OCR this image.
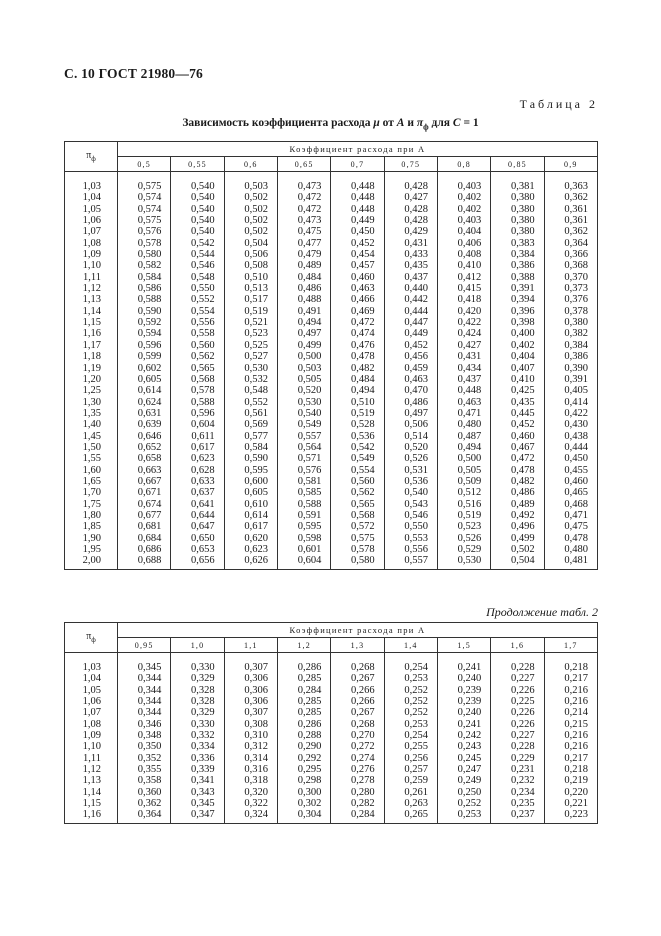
С. 10 ГОСТ 21980—76
Таблица 2
Зависимость коэффициента расхода μ от A и $\pi_ф$ для C = 1
$\pi_ф$	Коэффициент расхода при A								
	0,5	0,55	0,6	0,65	0,7	0,75	0,8	0,85	0,9
1,03	0,575	0,540	0,503	0,473	0,448	0,428	0,403	0,381	0,363
1,04	0,574	0,540	0,502	0,472	0,448	0,427	0,402	0,380	0,362
1,05	0,574	0,540	0,502	0,472	0,448	0,428	0,402	0,380	0,361
1,06	0,575	0,540	0,502	0,473	0,449	0,428	0,403	0,380	0,361
1,07	0,576	0,540	0,502	0,475	0,450	0,429	0,404	0,380	0,362
1,08	0,578	0,542	0,504	0,477	0,452	0,431	0,406	0,383	0,364
1,09	0,580	0,544	0,506	0,479	0,454	0,433	0,408	0,384	0,366
1,10	0,582	0,546	0,508	0,489	0,457	0,435	0,410	0,386	0,368
1,11	0,584	0,548	0,510	0,484	0,460	0,437	0,412	0,388	0,370
1,12	0,586	0,550	0,513	0,486	0,463	0,440	0,415	0,391	0,373
1,13	0,588	0,552	0,517	0,488	0,466	0,442	0,418	0,394	0,376
1,14	0,590	0,554	0,519	0,491	0,469	0,444	0,420	0,396	0,378
1,15	0,592	0,556	0,521	0,494	0,472	0,447	0,422	0,398	0,380
1,16	0,594	0,558	0,523	0,497	0,474	0,449	0,424	0,400	0,382
1,17	0,596	0,560	0,525	0,499	0,476	0,452	0,427	0,402	0,384
1,18	0,599	0,562	0,527	0,500	0,478	0,456	0,431	0,404	0,386
1,19	0,602	0,565	0,530	0,503	0,482	0,459	0,434	0,407	0,390
1,20	0,605	0,568	0,532	0,505	0,484	0,463	0,437	0,410	0,391
1,25	0,614	0,578	0,548	0,520	0,494	0,470	0,448	0,425	0,405
1,30	0,624	0,588	0,552	0,530	0,510	0,486	0,463	0,435	0,414
1,35	0,631	0,596	0,561	0,540	0,519	0,497	0,471	0,445	0,422
1,40	0,639	0,604	0,569	0,549	0,528	0,506	0,480	0,452	0,430
1,45	0,646	0,611	0,577	0,557	0,536	0,514	0,487	0,460	0,438
1,50	0,652	0,617	0,584	0,564	0,542	0,520	0,494	0,467	0,444
1,55	0,658	0,623	0,590	0,571	0,549	0,526	0,500	0,472	0,450
1,60	0,663	0,628	0,595	0,576	0,554	0,531	0,505	0,478	0,455
1,65	0,667	0,633	0,600	0,581	0,560	0,536	0,509	0,482	0,460
1,70	0,671	0,637	0,605	0,585	0,562	0,540	0,512	0,486	0,465
1,75	0,674	0,641	0,610	0,588	0,565	0,543	0,516	0,489	0,468
1,80	0,677	0,644	0,614	0,591	0,568	0,546	0,519	0,492	0,471
1,85	0,681	0,647	0,617	0,595	0,572	0,550	0,523	0,496	0,475
1,90	0,684	0,650	0,620	0,598	0,575	0,553	0,526	0,499	0,478
1,95	0,686	0,653	0,623	0,601	0,578	0,556	0,529	0,502	0,480
2,00	0,688	0,656	0,626	0,604	0,580	0,557	0,530	0,504	0,481
Продолжение табл. 2
$\pi_ф$	Коэффициент расхода при A								
	0,95	1,0	1,1	1,2	1,3	1,4	1,5	1,6	1,7
1,03	0,345	0,330	0,307	0,286	0,268	0,254	0,241	0,228	0,218
1,04	0,344	0,329	0,306	0,285	0,267	0,253	0,240	0,227	0,217
1,05	0,344	0,328	0,306	0,284	0,266	0,252	0,239	0,226	0,216
1,06	0,344	0,328	0,306	0,285	0,266	0,252	0,239	0,225	0,216
1,07	0,344	0,329	0,307	0,285	0,267	0,252	0,240	0,226	0,214
1,08	0,346	0,330	0,308	0,286	0,268	0,253	0,241	0,226	0,215
1,09	0,348	0,332	0,310	0,288	0,270	0,254	0,242	0,227	0,216
1,10	0,350	0,334	0,312	0,290	0,272	0,255	0,243	0,228	0,216
1,11	0,352	0,336	0,314	0,292	0,274	0,256	0,245	0,229	0,217
1,12	0,355	0,339	0,316	0,295	0,276	0,257	0,247	0,231	0,218
1,13	0,358	0,341	0,318	0,298	0,278	0,259	0,249	0,232	0,219
1,14	0,360	0,343	0,320	0,300	0,280	0,261	0,250	0,234	0,220
1,15	0,362	0,345	0,322	0,302	0,282	0,263	0,252	0,235	0,221
1,16	0,364	0,347	0,324	0,304	0,284	0,265	0,253	0,237	0,223
